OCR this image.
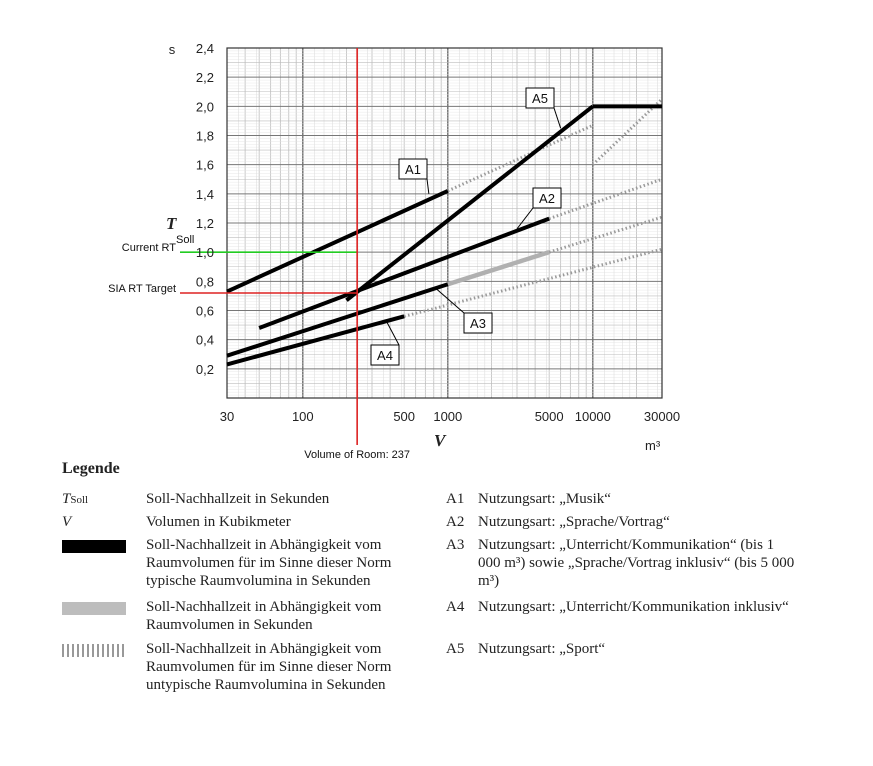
Current RT
SIA RT Target
Volume of Room: 237
2,4
2,2
2,0
1,8
1,6
1,4
1,2
1,0
0,8
0,6
0,4
0,2
30	100	500 1000	5000 10000	30000
A1
A2
A3
A4
A5
s
T
Soll
V	m³
Legende
TSoll	Soll-Nachhallzeit in Sekunden
V	Volumen in Kubikmeter
Soll-Nachhallzeit in Abhängigkeit vom Raumvolumen für im Sinne dieser Norm typische Raumvolumina in Sekunden
Soll-Nachhallzeit in Abhängigkeit vom Raumvolumen in Sekunden
Soll-Nachhallzeit in Abhängigkeit vom Raumvolumen für im Sinne dieser Norm untypische Raumvolumina in Sekunden
A1 Nutzungsart: „Musik“
A2 Nutzungsart: „Sprache/Vortrag“
A3 Nutzungsart: „Unterricht/Kommunikation“ (bis 1 000 m³) sowie „Sprache/Vortrag inklusiv“ (bis 5 000 m³)
A4 Nutzungsart: „Unterricht/Kommunikation inklusiv“
A5 Nutzungsart: „Sport“
